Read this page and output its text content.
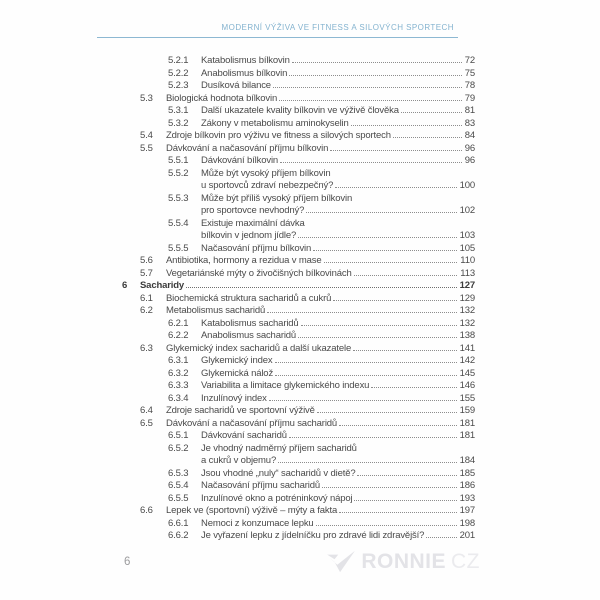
MODERNÍ VÝŽIVA VE FITNESS A SILOVÝCH SPORTECH
5.2.1	Katabolismus bílkovin	72
5.2.2	Anabolismus bílkovin	75
5.2.3	Dusíková bilance	78
5.3	Biologická hodnota bílkovin	79
5.3.1	Další ukazatele kvality bílkovin ve výživě člověka	81
5.3.2	Zákony v metabolismu aminokyselin	83
5.4	Zdroje bílkovin pro výživu ve fitness a silových sportech	84
5.5	Dávkování a načasování příjmu bílkovin	96
5.5.1	Dávkování bílkovin	96
5.5.2	Může být vysoký příjem bílkovin
u sportovců zdraví nebezpečný?	100
5.5.3	Může být příliš vysoký příjem bílkovin
pro sportovce nevhodný?	102
5.5.4	Existuje maximální dávka
bílkovin v jednom jídle?	103
5.5.5	Načasování příjmu bílkovin	105
5.6	Antibiotika, hormony a rezidua v mase	110
5.7	Vegetariánské mýty o živočišných bílkovinách	113
6	Sacharidy	127
6.1	Biochemická struktura sacharidů a cukrů	129
6.2	Metabolismus sacharidů	132
6.2.1	Katabolismus sacharidů	132
6.2.2	Anabolismus sacharidů	138
6.3	Glykemický index sacharidů a další ukazatele	141
6.3.1	Glykemický index	142
6.3.2	Glykemická nálož	145
6.3.3	Variabilita a limitace glykemického indexu	146
6.3.4	Inzulínový index	155
6.4	Zdroje sacharidů ve sportovní výživě	159
6.5	Dávkování a načasování příjmu sacharidů	181
6.5.1	Dávkování sacharidů	181
6.5.2	Je vhodný nadměrný příjem sacharidů
a cukrů v objemu?	184
6.5.3	Jsou vhodné „nuly“ sacharidů v dietě?	185
6.5.4	Načasování příjmu sacharidů	186
6.5.5	Inzulínové okno a potréninkový nápoj	193
6.6	Lepek ve (sportovní) výživě – mýty a fakta	197
6.6.1	Nemoci z konzumace lepku	198
6.6.2	Je vyřazení lepku z jídelníčku pro zdravé lidi zdravější?	201
6	RONNIE CZ
